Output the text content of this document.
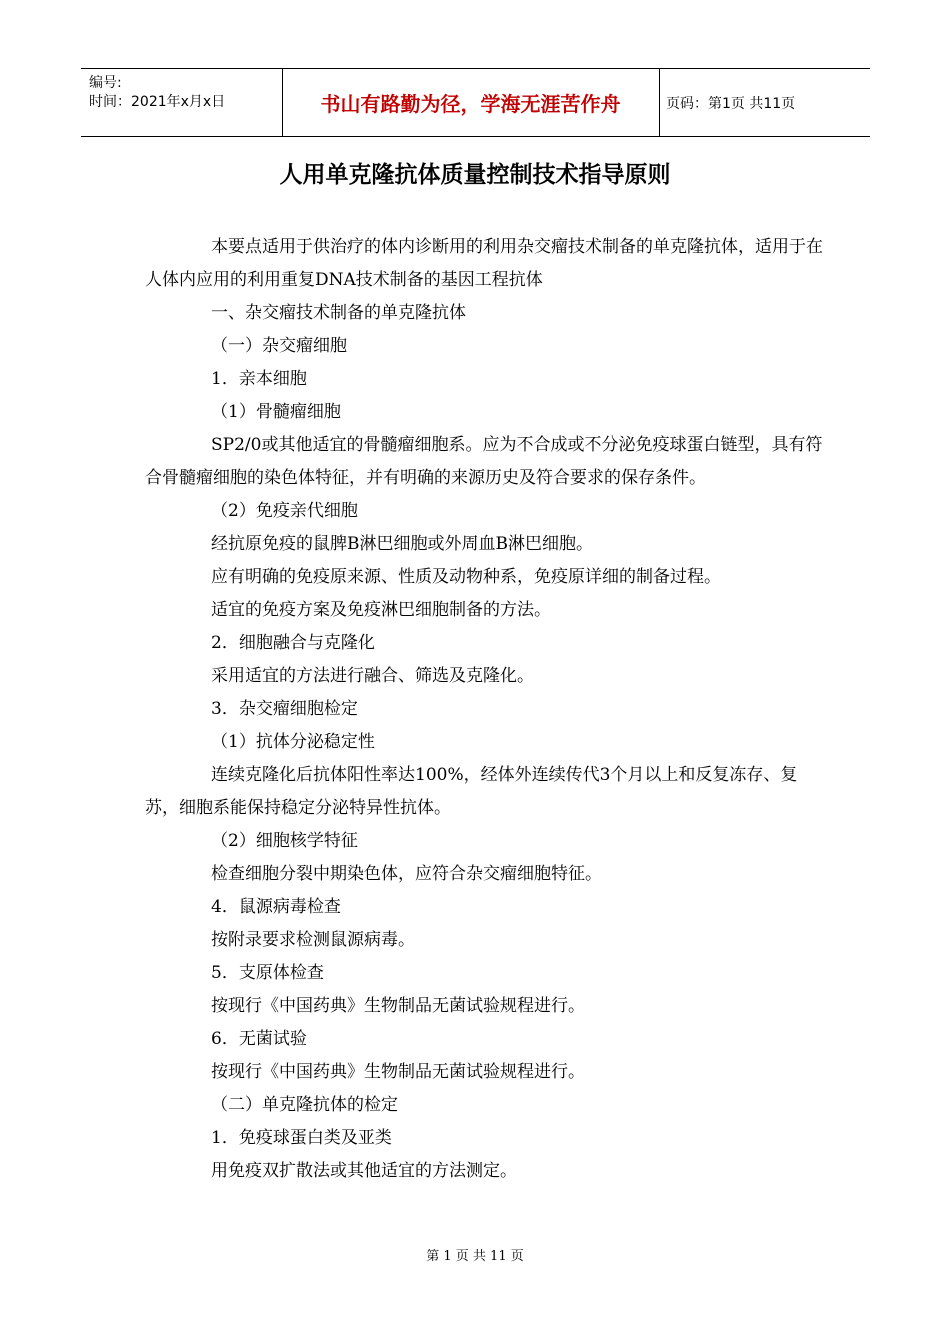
编号:
时间：2021年x月x日	书山有路勤为径，学海无涯苦作舟	页码：第1页 共11页
人用单克隆抗体质量控制技术指导原则

本要点适用于供治疗的体内诊断用的利用杂交瘤技术制备的单克隆抗体，适用于在人体内应用的利用重复DNA技术制备的基因工程抗体

一、杂交瘤技术制备的单克隆抗体

（一）杂交瘤细胞

1．亲本细胞

（1）骨髓瘤细胞

SP2/0或其他适宜的骨髓瘤细胞系。应为不合成或不分泌免疫球蛋白链型，具有符合骨髓瘤细胞的染色体特征，并有明确的来源历史及符合要求的保存条件。

（2）免疫亲代细胞

经抗原免疫的鼠脾B淋巴细胞或外周血B淋巴细胞。

应有明确的免疫原来源、性质及动物种系，免疫原详细的制备过程。

适宜的免疫方案及免疫淋巴细胞制备的方法。

2．细胞融合与克隆化

采用适宜的方法进行融合、筛选及克隆化。

3．杂交瘤细胞检定

（1）抗体分泌稳定性

连续克隆化后抗体阳性率达100%，经体外连续传代3个月以上和反复冻存、复苏，细胞系能保持稳定分泌特异性抗体。

（2）细胞核学特征

检查细胞分裂中期染色体，应符合杂交瘤细胞特征。

4．鼠源病毒检查

按附录要求检测鼠源病毒。

5．支原体检查

按现行《中国药典》生物制品无菌试验规程进行。

6．无菌试验

按现行《中国药典》生物制品无菌试验规程进行。

（二）单克隆抗体的检定

1．免疫球蛋白类及亚类

用免疫双扩散法或其他适宜的方法测定。

第 1 页 共 11 页
